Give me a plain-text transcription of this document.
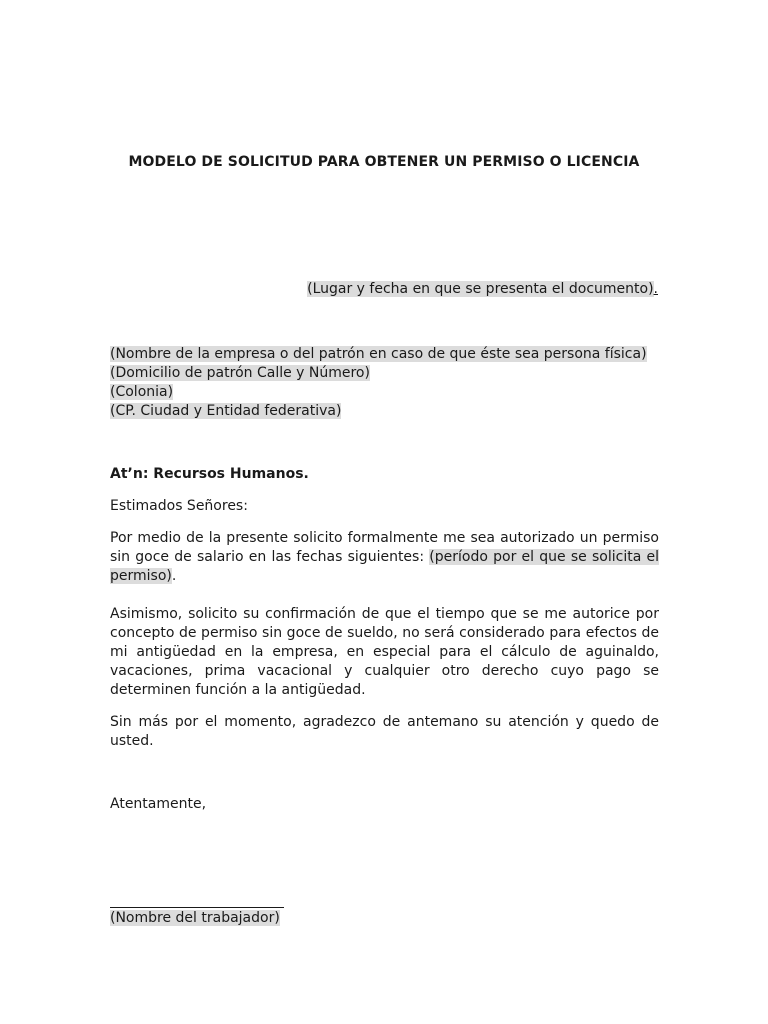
MODELO DE SOLICITUD PARA OBTENER UN PERMISO O LICENCIA
(Lugar y fecha en que se presenta el documento).
(Nombre de la empresa o del patrón en caso de que éste sea persona física)
(Domicilio de patrón Calle y Número)
(Colonia)
(CP. Ciudad y Entidad federativa)
At’n: Recursos Humanos.
Estimados Señores:
Por medio de la presente solicito formalmente me sea autorizado un permiso sin goce de salario en las fechas siguientes: (período por el que se solicita el permiso).
Asimismo, solicito su confirmación de que el tiempo que se me autorice por concepto de permiso sin goce de sueldo, no será considerado para efectos de mi antigüedad en la empresa, en especial para el cálculo de aguinaldo, vacaciones, prima vacacional y cualquier otro derecho cuyo pago se determinen función a la antigüedad.
Sin más por el momento, agradezco de antemano su atención y quedo de usted.
Atentamente,
(Nombre del trabajador)
